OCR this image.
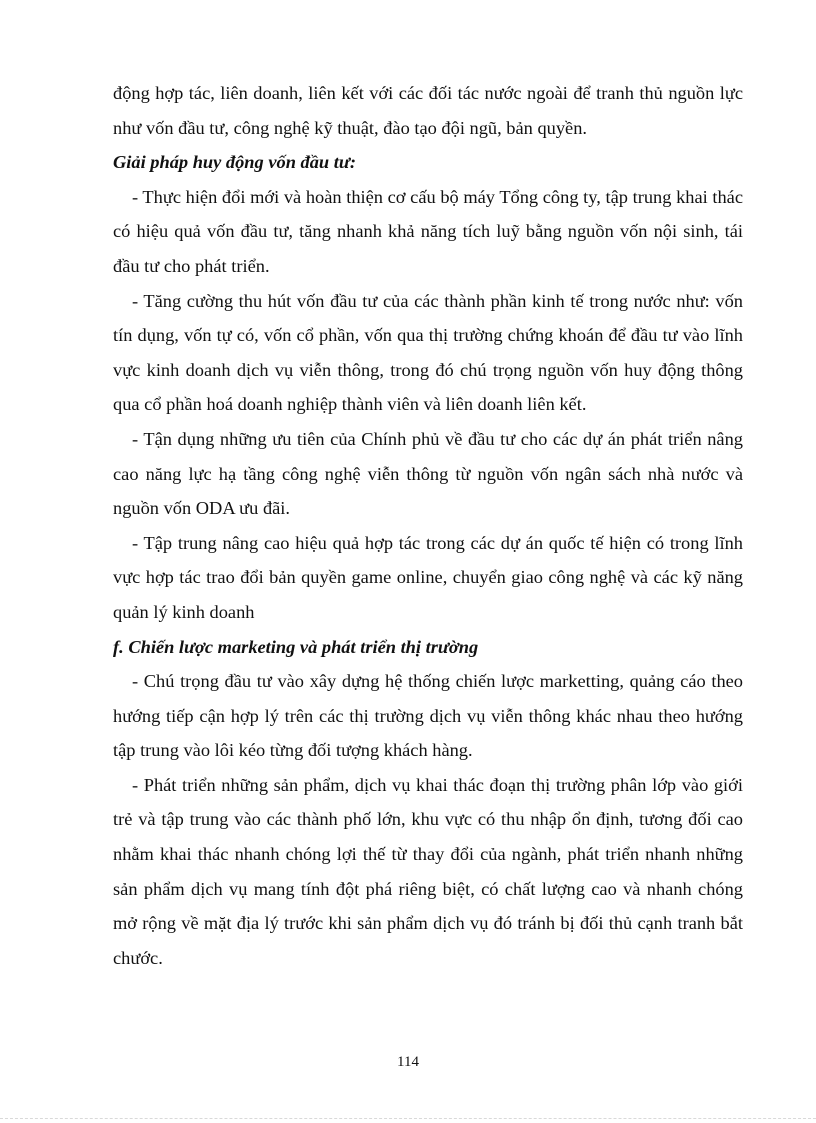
động hợp tác, liên doanh, liên kết với các đối tác nước ngoài để tranh thủ nguồn lực như vốn đầu tư, công nghệ kỹ thuật, đào tạo đội ngũ, bản quyền.

Giải pháp huy động vốn đầu tư:

- Thực hiện đổi mới và hoàn thiện cơ cấu bộ máy Tổng công ty, tập trung khai thác có hiệu quả vốn đầu tư, tăng nhanh khả năng tích luỹ bằng nguồn vốn nội sinh, tái đầu tư cho phát triển.

- Tăng cường thu hút vốn đầu tư của các thành phần kinh tế trong nước như: vốn tín dụng, vốn tự có, vốn cổ phần, vốn qua thị trường chứng khoán để đầu tư vào lĩnh vực kinh doanh dịch vụ viễn thông, trong đó chú trọng nguồn vốn huy động thông qua cổ phần hoá doanh nghiệp thành viên và liên doanh liên kết.

- Tận dụng những ưu tiên của Chính phủ về đầu tư cho các dự án phát triển nâng cao năng lực hạ tầng công nghệ viễn thông từ nguồn vốn ngân sách nhà nước và nguồn vốn ODA ưu đãi.

- Tập trung nâng cao hiệu quả hợp tác trong các dự án quốc tế hiện có trong lĩnh vực hợp tác trao đổi bản quyền game online, chuyển giao công nghệ và các kỹ năng quản lý kinh doanh

f. Chiến lược marketing và phát triển thị trường

- Chú trọng đầu tư vào xây dựng hệ thống chiến lược marketting, quảng cáo theo hướng tiếp cận hợp lý trên các thị trường dịch vụ viễn thông khác nhau theo hướng tập trung vào lôi kéo từng đối tượng khách hàng.

- Phát triển những sản phẩm, dịch vụ khai thác đoạn thị trường phân lớp vào giới trẻ và tập trung vào các thành phố lớn, khu vực có thu nhập ổn định, tương đối cao nhằm khai thác nhanh chóng lợi thế từ thay đổi của ngành, phát triển nhanh những sản phẩm dịch vụ mang tính đột phá riêng biệt, có chất lượng cao và nhanh chóng mở rộng về mặt địa lý trước khi sản phẩm dịch vụ đó tránh bị đối thủ cạnh tranh bắt chước.

114
